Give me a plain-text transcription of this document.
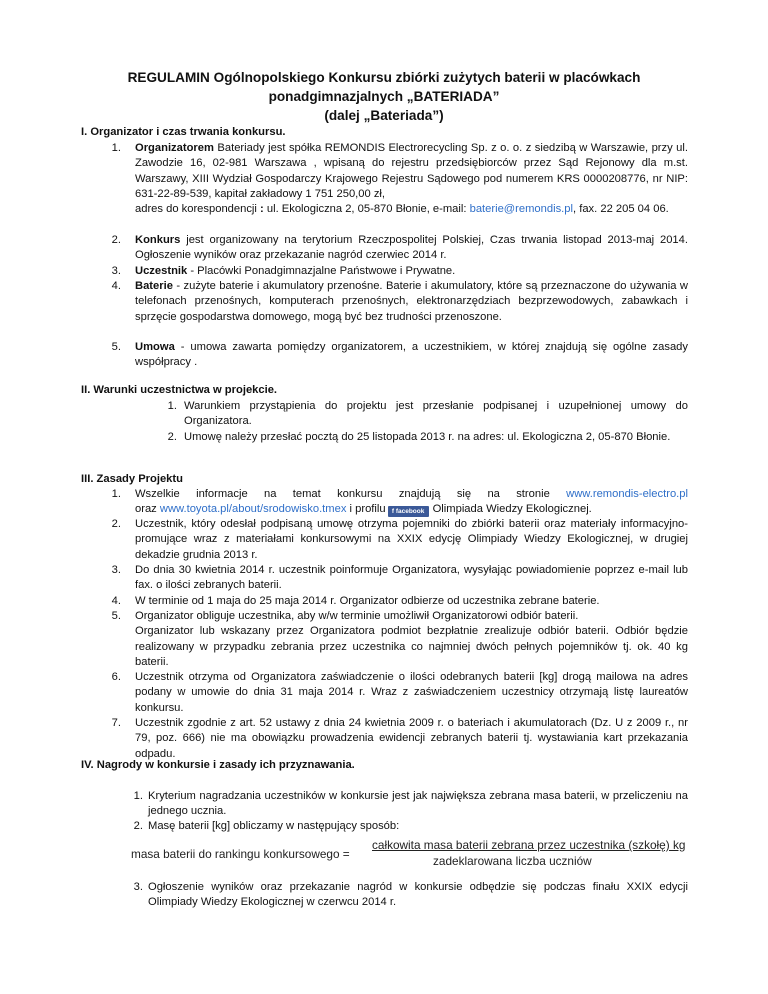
REGULAMIN Ogólnopolskiego Konkursu zbiórki zużytych baterii w placówkach
ponadgimnazjalnych „BATERIADA”
(dalej „Bateriada”)
I. Organizator i czas trwania konkursu.
1. Organizatorem Bateriady jest spółka REMONDIS Electrorecycling Sp. z o. o. z siedzibą w Warszawie, przy ul. Zawodzie 16, 02-981 Warszawa , wpisaną do rejestru przedsiębiorców przez Sąd Rejonowy dla m.st. Warszawy, XIII Wydział Gospodarczy Krajowego Rejestru Sądowego pod numerem KRS 0000208776, nr NIP: 631-22-89-539, kapitał zakładowy 1 751 250,00 zł,

adres do korespondencji : ul. Ekologiczna 2, 05-870 Błonie, e-mail: baterie@remondis.pl, fax. 22 205 04 06.

2. Konkurs jest organizowany na terytorium Rzeczpospolitej Polskiej, Czas trwania listopad 2013-maj 2014. Ogłoszenie wyników oraz przekazanie nagród czerwiec 2014 r.
3. Uczestnik - Placówki Ponadgimnazjalne Państwowe i Prywatne.
4. Baterie - zużyte baterie i akumulatory przenośne. Baterie i akumulatory, które są przeznaczone do używania w telefonach przenośnych, komputerach przenośnych, elektronarzędziach bezprzewodowych, zabawkach i sprzęcie gospodarstwa domowego, mogą być bez trudności przenoszone.
5. Umowa - umowa zawarta pomiędzy organizatorem, a uczestnikiem, w której znajdują się ogólne zasady współpracy .
II. Warunki uczestnictwa w projekcie.
1. Warunkiem przystąpienia do projektu jest przesłanie podpisanej i uzupełnionej umowy do Organizatora.
2. Umowę należy przesłać pocztą do 25 listopada 2013 r. na adres: ul. Ekologiczna 2, 05-870 Błonie.
III. Zasady Projektu
1. Wszelkie informacje na temat konkursu znajdują się na stronie www.remondis-electro.pl
oraz www.toyota.pl/about/srodowisko.tmex i profilu f facebook Olimpiada Wiedzy Ekologicznej.
2. Uczestnik, który odesłał podpisaną umowę otrzyma pojemniki do zbiórki baterii oraz materiały informacyjno-promujące wraz z materiałami konkursowymi na XXIX edycję Olimpiady Wiedzy Ekologicznej, w drugiej dekadzie grudnia 2013 r.
3. Do dnia 30 kwietnia 2014 r. uczestnik poinformuje Organizatora, wysyłając powiadomienie poprzez e-mail lub fax. o ilości zebranych baterii.
4. W terminie od 1 maja do 25 maja 2014 r. Organizator odbierze od uczestnika zebrane baterie.
5. Organizator obliguje uczestnika, aby w/w terminie umożliwił Organizatorowi odbiór baterii.

Organizator lub wskazany przez Organizatora podmiot bezpłatnie zrealizuje odbiór baterii. Odbiór będzie realizowany w przypadku zebrania przez uczestnika co najmniej dwóch pełnych pojemników tj. ok. 40 kg baterii.

6. Uczestnik otrzyma od Organizatora zaświadczenie o ilości odebranych baterii [kg] drogą mailowa na adres podany w umowie do dnia 31 maja 2014 r. Wraz z zaświadczeniem uczestnicy otrzymają listę laureatów konkursu.
7. Uczestnik zgodnie z art. 52 ustawy z dnia 24 kwietnia 2009 r. o bateriach i akumulatorach (Dz. U z 2009 r., nr 79, poz. 666) nie ma obowiązku prowadzenia ewidencji zebranych baterii tj. wystawiania kart przekazania odpadu.
IV. Nagrody w konkursie i zasady ich przyznawania.
1. Kryterium nagradzania uczestników w konkursie jest jak największa zebrana masa baterii, w przeliczeniu na jednego ucznia.
2. Masę baterii [kg] obliczamy w następujący sposób:
masa baterii do rankingu konkursowego =
całkowita masa baterii zebrana przez uczestnika (szkołę) kg
zadeklarowana liczba uczniów
3. Ogłoszenie wyników oraz przekazanie nagród w konkursie odbędzie się podczas finału XXIX edycji Olimpiady Wiedzy Ekologicznej w czerwcu 2014 r.
